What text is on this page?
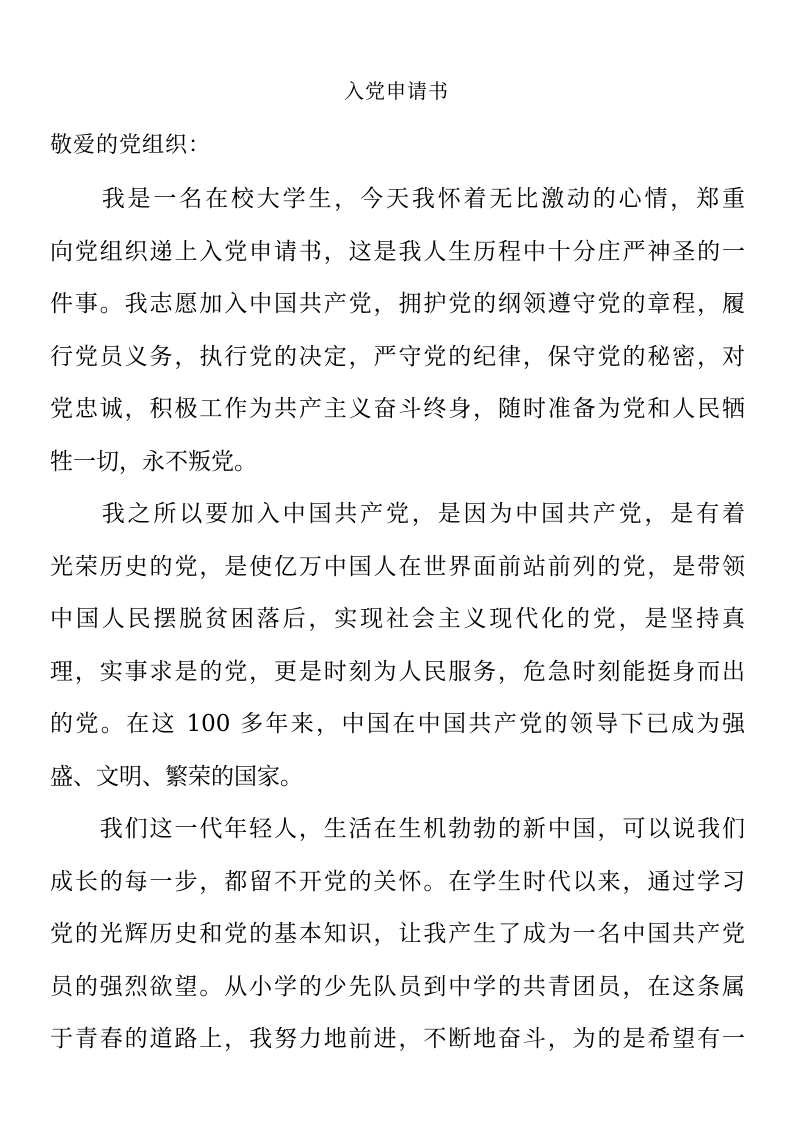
入党申请书
敬爱的党组织：
　　我是一名在校大学生，今天我怀着无比激动的心情，郑重
向党组织递上入党申请书，这是我人生历程中十分庄严神圣的一
件事。我志愿加入中国共产党，拥护党的纲领遵守党的章程，履
行党员义务，执行党的决定，严守党的纪律，保守党的秘密，对
党忠诚，积极工作为共产主义奋斗终身，随时准备为党和人民牺
牲一切，永不叛党。
　　我之所以要加入中国共产党，是因为中国共产党，是有着
光荣历史的党，是使亿万中国人在世界面前站前列的党，是带领
中国人民摆脱贫困落后，实现社会主义现代化的党，是坚持真
理，实事求是的党，更是时刻为人民服务，危急时刻能挺身而出
的党。在这 100 多年来，中国在中国共产党的领导下已成为强
盛、文明、繁荣的国家。
　　我们这一代年轻人，生活在生机勃勃的新中国，可以说我们
成长的每一步，都留不开党的关怀。在学生时代以来，通过学习
党的光辉历史和党的基本知识，让我产生了成为一名中国共产党
员的强烈欲望。从小学的少先队员到中学的共青团员，在这条属
于青春的道路上，我努力地前进，不断地奋斗，为的是希望有一
